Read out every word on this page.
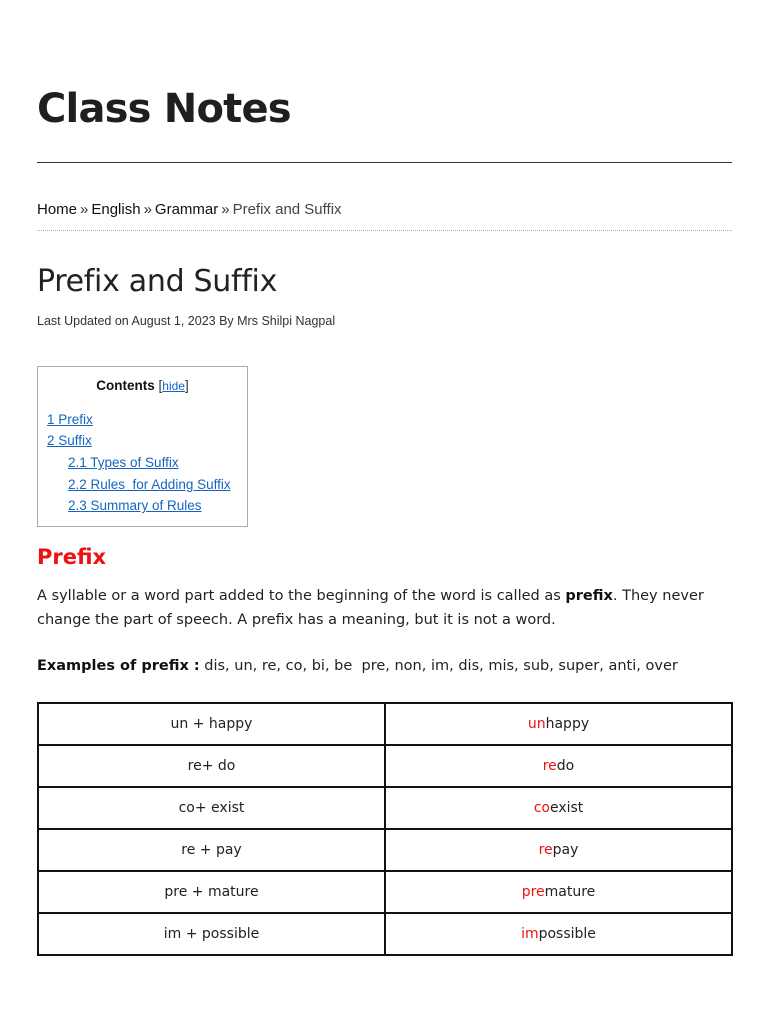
Class Notes
Home » English » Grammar » Prefix and Suffix
Prefix and Suffix
Last Updated on August 1, 2023 By Mrs Shilpi Nagpal
Contents [hide]
1 Prefix
2 Suffix
2.1 Types of Suffix
2.2 Rules  for Adding Suffix
2.3 Summary of Rules
Prefix

A syllable or a word part added to the beginning of the word is called as prefix. They never change the part of speech. A prefix has a meaning, but it is not a word.

Examples of prefix : dis, un, re, co, bi, be  pre, non, im, dis, mis, sub, super, anti, over

un + happy	unhappy
re+ do	redo
co+ exist	coexist
re + pay	repay
pre + mature	premature
im + possible	impossible
